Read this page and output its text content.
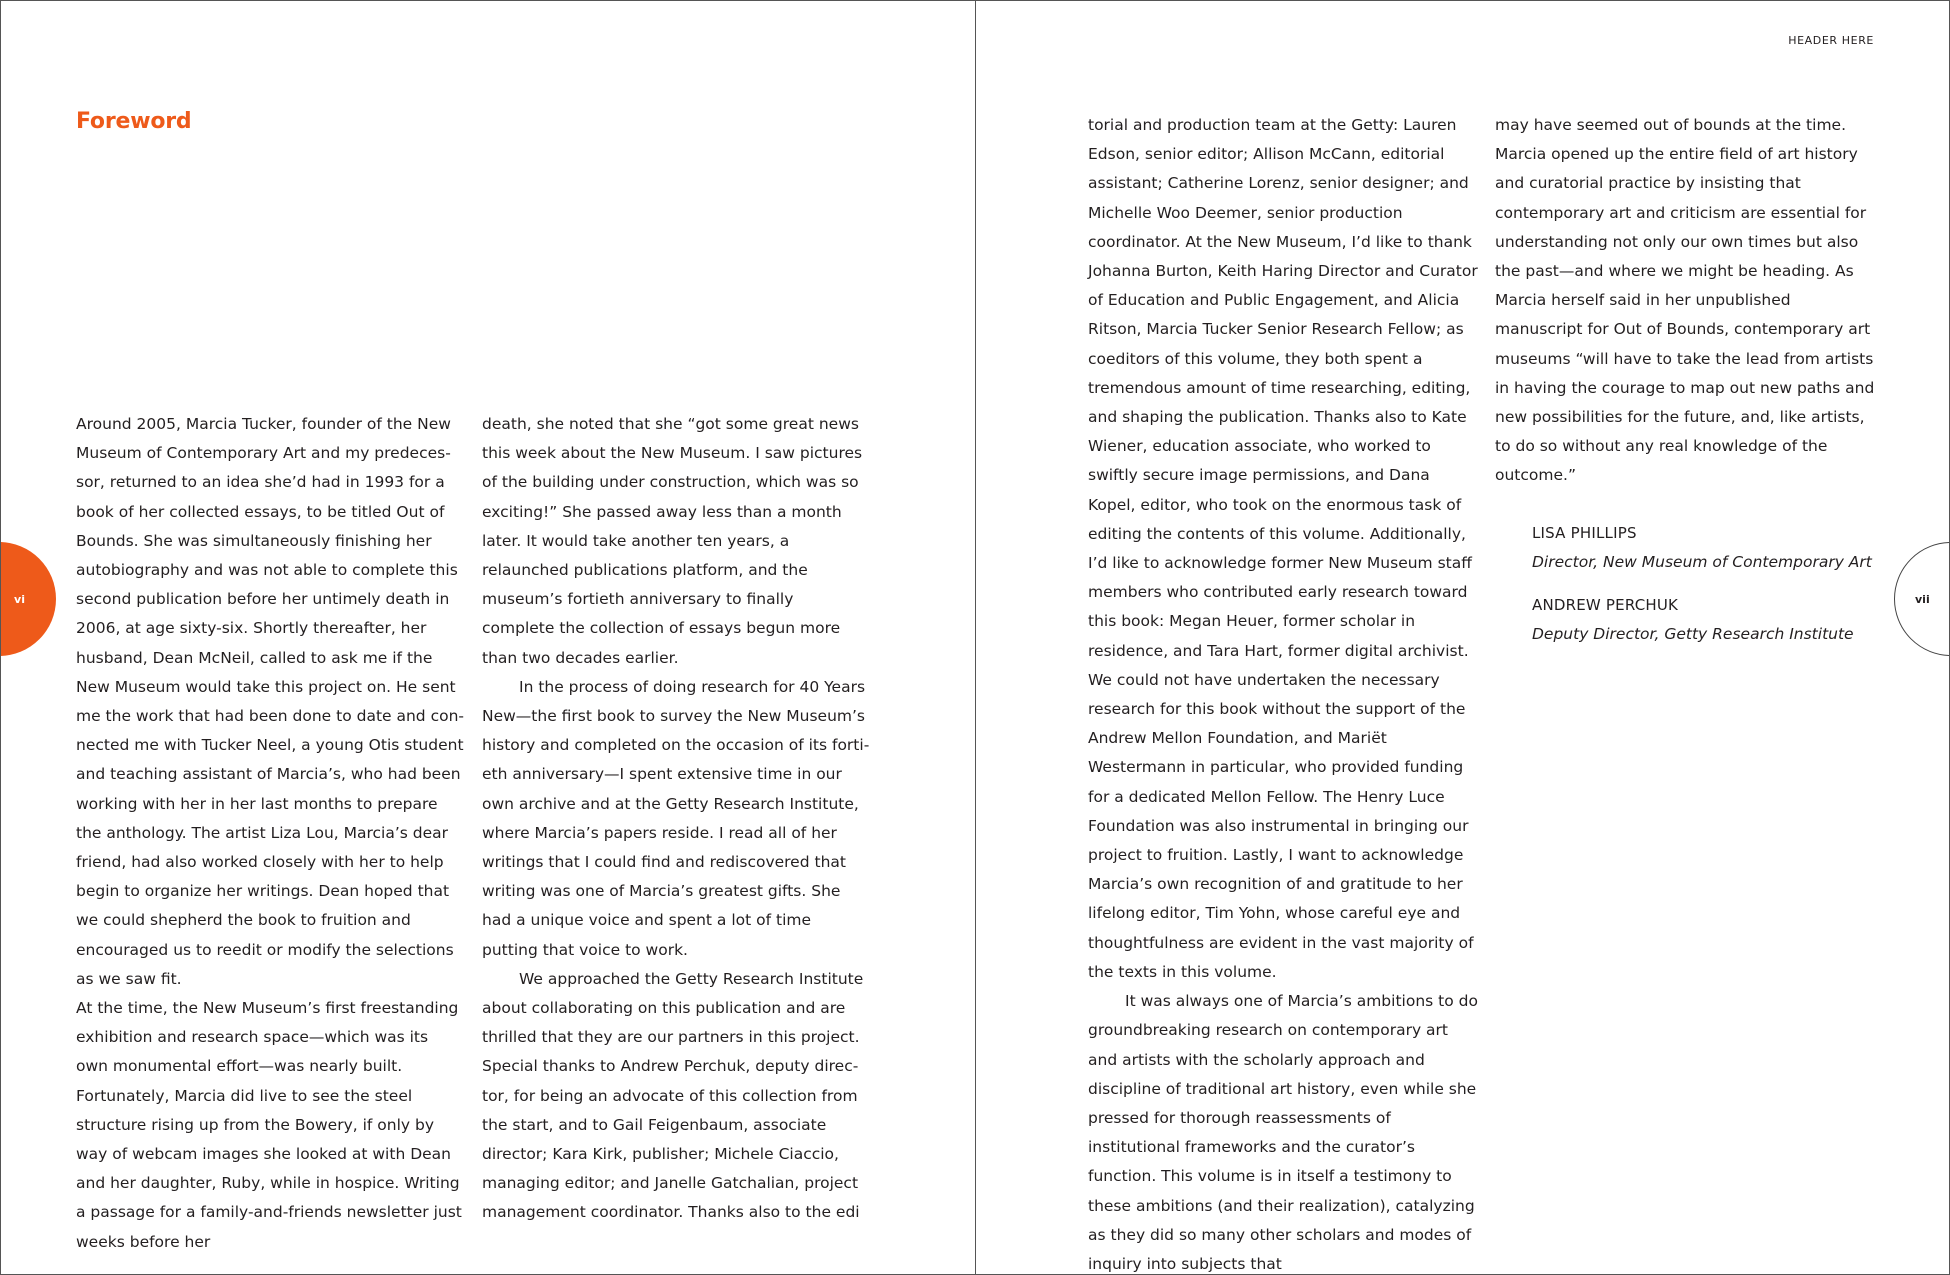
Foreword

Around 2005, Marcia Tucker, founder of the New Museum of Contemporary Art and my predecessor, returned to an idea she’d had in 1993 for a book of her collected essays, to be titled Out of Bounds. She was simultaneously finishing her autobiography and was not able to complete this second publication before her untimely death in 2006, at age sixty-six. Shortly thereafter, her husband, Dean McNeil, called to ask me if the New Museum would take this project on. He sent me the work that had been done to date and connected me with Tucker Neel, a young Otis student and teaching assistant of Marcia’s, who had been working with her in her last months to prepare the anthology. The artist Liza Lou, Marcia’s dear friend, had also worked closely with her to help begin to organize her writings. Dean hoped that we could shepherd the book to fruition and encouraged us to reedit or modify the selections as we saw fit.

At the time, the New Museum’s first freestanding exhibition and research space—which was its own monumental effort—was nearly built. Fortunately, Marcia did live to see the steel structure rising up from the Bowery, if only by way of webcam images she looked at with Dean and her daughter, Ruby, while in hospice. Writing a passage for a family-and-friends newsletter just weeks before her

death, she noted that she “got some great news this week about the New Museum. I saw pictures of the building under construction, which was so exciting!” She passed away less than a month later. It would take another ten years, a relaunched publications platform, and the museum’s fortieth anniversary to finally complete the collection of essays begun more than two decades earlier.

In the process of doing research for 40 Years New—the first book to survey the New Museum’s history and completed on the occasion of its fortieth anniversary—I spent extensive time in our own archive and at the Getty Research Institute, where Marcia’s papers reside. I read all of her writings that I could find and rediscovered that writing was one of Marcia’s greatest gifts. She had a unique voice and spent a lot of time putting that voice to work.

We approached the Getty Research Institute about collaborating on this publication and are thrilled that they are our partners in this project. Special thanks to Andrew Perchuk, deputy director, for being an advocate of this collection from the start, and to Gail Feigenbaum, associate director; Kara Kirk, publisher; Michele Ciaccio, managing editor; and Janelle Gatchalian, project management coordinator. Thanks also to the edi

vi
HEADER HERE

torial and production team at the Getty: Lauren Edson, senior editor; Allison McCann, editorial assistant; Catherine Lorenz, senior designer; and Michelle Woo Deemer, senior production coordinator. At the New Museum, I’d like to thank Johanna Burton, Keith Haring Director and Curator of Education and Public Engagement, and Alicia Ritson, Marcia Tucker Senior Research Fellow; as coeditors of this volume, they both spent a tremendous amount of time researching, editing, and shaping the publication. Thanks also to Kate Wiener, education associate, who worked to swiftly secure image permissions, and Dana Kopel, editor, who took on the enormous task of editing the contents of this volume. Additionally, I’d like to acknowledge former New Museum staff members who contributed early research toward this book: Megan Heuer, former scholar in residence, and Tara Hart, former digital archivist. We could not have undertaken the necessary research for this book without the support of the Andrew Mellon Foundation, and Mariët Westermann in particular, who provided funding for a dedicated Mellon Fellow. The Henry Luce Foundation was also instrumental in bringing our project to fruition. Lastly, I want to acknowledge Marcia’s own recognition of and gratitude to her lifelong editor, Tim Yohn, whose careful eye and thoughtfulness are evident in the vast majority of the texts in this volume.

It was always one of Marcia’s ambitions to do groundbreaking research on contemporary art and artists with the scholarly approach and discipline of traditional art history, even while she pressed for thorough reassessments of institutional frameworks and the curator’s function. This volume is in itself a testimony to these ambitions (and their realization), catalyzing as they did so many other scholars and modes of inquiry into subjects that

may have seemed out of bounds at the time. Marcia opened up the entire field of art history and curatorial practice by insisting that contemporary art and criticism are essential for understanding not only our own times but also the past—and where we might be heading. As Marcia herself said in her unpublished manuscript for Out of Bounds, contemporary art museums “will have to take the lead from artists in having the courage to map out new paths and new possibilities for the future, and, like artists, to do so without any real knowledge of the outcome.”

LISA PHILLIPS
Director, New Museum of Contemporary Art
ANDREW PERCHUK
Deputy Director, Getty Research Institute
vii
